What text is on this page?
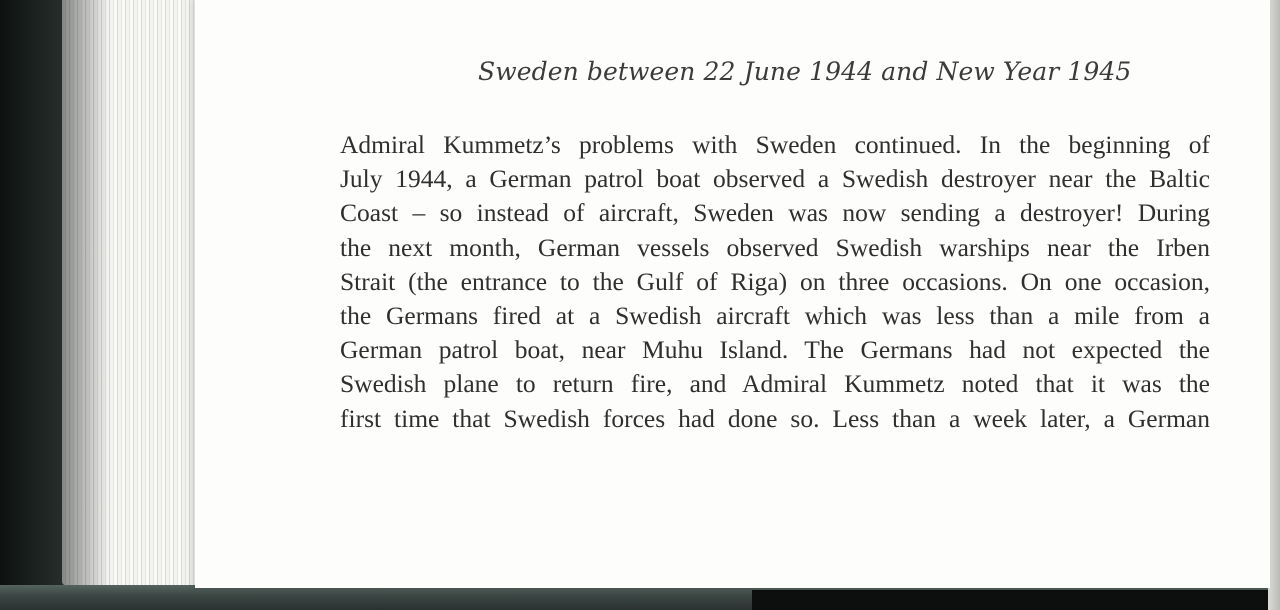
Sweden between 22 June 1944 and New Year 1945
Admiral Kummetz’s problems with Sweden continued. In the beginning of
July 1944, a German patrol boat observed a Swedish destroyer near the Baltic
Coast – so instead of aircraft, Sweden was now sending a destroyer! During
the next month, German vessels observed Swedish warships near the Irben
Strait (the entrance to the Gulf of Riga) on three occasions. On one occasion,
the Germans fired at a Swedish aircraft which was less than a mile from a
German patrol boat, near Muhu Island. The Germans had not expected the
Swedish plane to return fire, and Admiral Kummetz noted that it was the
first time that Swedish forces had done so. Less than a week later, a German
